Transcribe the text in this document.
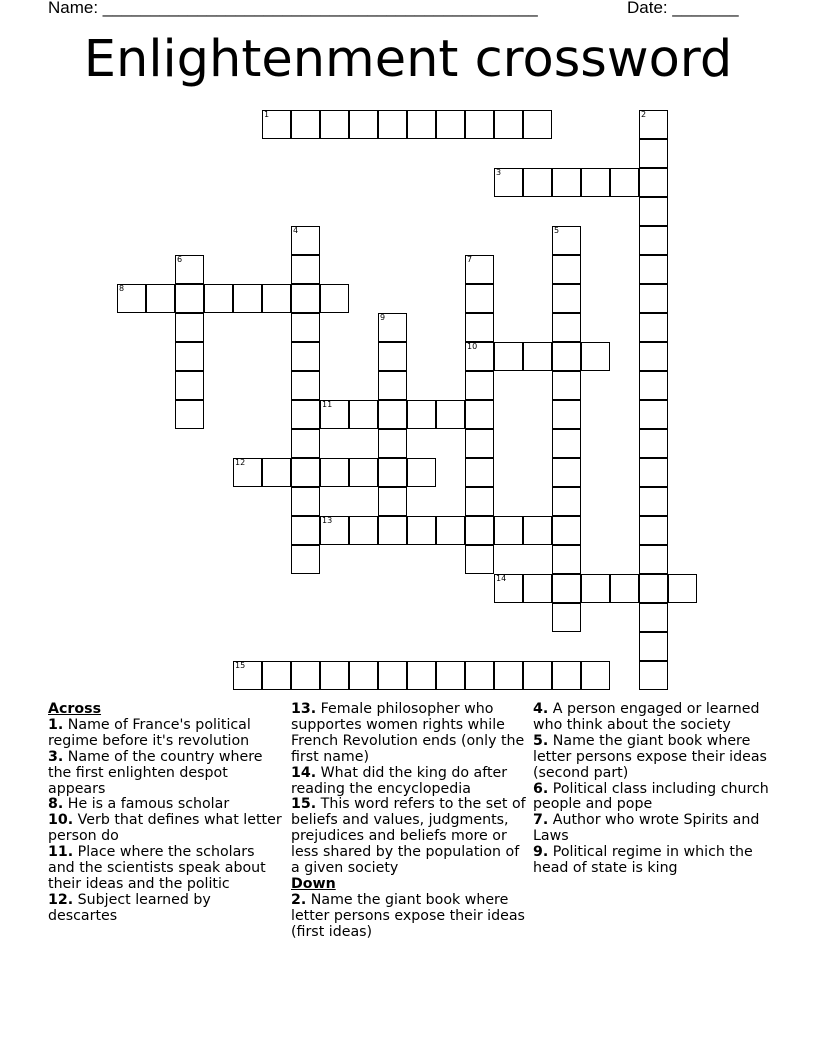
Name: ______________________________________________	Date: _______
Enlightenment crossword
1	2
3
4	5
6	7
10
8
9
11
12
13
14
15
Across

1. Name of France's political regime before it's revolution

3. Name of the country where the first enlighten despot appears

8. He is a famous scholar

10. Verb that defines what letter person do

11. Place where the scholars and the scientists speak about their ideas and the politic

12. Subject learned by descartes

13. Female philosopher who supportes women rights while French Revolution ends (only the first name)

14. What did the king do after reading the encyclopedia

15. This word refers to the set of beliefs and values, judgments, prejudices and beliefs more or less shared by the population of a given society

Down

2. Name the giant book where letter persons expose their ideas (first ideas)

4. A person engaged or learned who think about the society

5. Name the giant book where letter persons expose their ideas (second part)

6. Political class including church people and pope

7. Author who wrote Spirits and Laws

9. Political regime in which the head of state is king
